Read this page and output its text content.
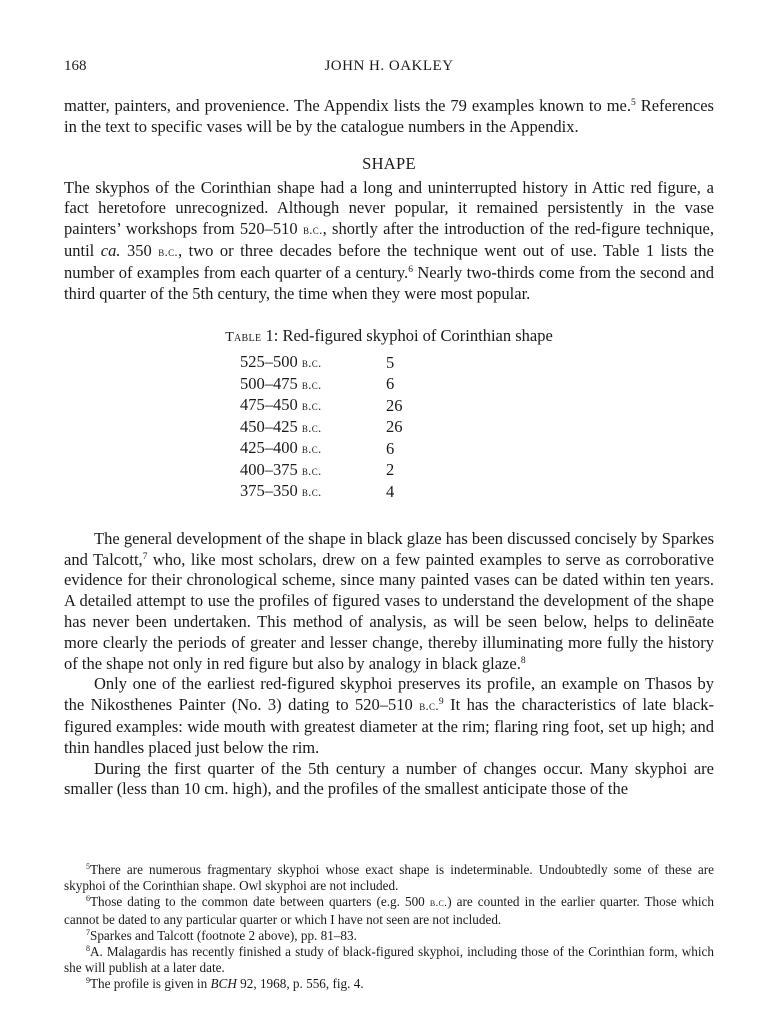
168	JOHN H. OAKLEY

matter, painters, and provenience. The Appendix lists the 79 examples known to me.$^5$ References in the text to specific vases will be by the catalogue numbers in the Appendix.

SHAPE

The skyphos of the Corinthian shape had a long and uninterrupted history in Attic red figure, a fact heretofore unrecognized. Although never popular, it remained persistently in the vase painters’ workshops from 520–510 b.c., shortly after the introduction of the red-figure technique, until ca. 350 b.c., two or three decades before the technique went out of use. Table 1 lists the number of examples from each quarter of a century.$^6$ Nearly two-thirds come from the second and third quarter of the 5th century, the time when they were most popular.

Table 1: Red-figured skyphoi of Corinthian shape
525–500 b.c.	5
500–475 b.c.	6
475–450 b.c.	26
450–425 b.c.	26
425–400 b.c.	6
400–375 b.c.	2
375–350 b.c.	4

The general development of the shape in black glaze has been discussed concisely by Sparkes and Talcott,$^7$ who, like most scholars, drew on a few painted examples to serve as corroborative evidence for their chronological scheme, since many painted vases can be dated within ten years. A detailed attempt to use the profiles of figured vases to understand the development of the shape has never been undertaken. This method of analysis, as will be seen below, helps to delinēate more clearly the periods of greater and lesser change, thereby illuminating more fully the history of the shape not only in red figure but also by analogy in black glaze.$^8$

Only one of the earliest red-figured skyphoi preserves its profile, an example on Thasos by the Nikosthenes Painter (No. 3) dating to 520–510 b.c.$^9$ It has the characteristics of late black-figured examples: wide mouth with greatest diameter at the rim; flaring ring foot, set up high; and thin handles placed just below the rim.

During the first quarter of the 5th century a number of changes occur. Many skyphoi are smaller (less than 10 cm. high), and the profiles of the smallest anticipate those of the

$^5$There are numerous fragmentary skyphoi whose exact shape is indeterminable. Undoubtedly some of these are skyphoi of the Corinthian shape. Owl skyphoi are not included.

$^6$Those dating to the common date between quarters (e.g. 500 b.c.) are counted in the earlier quarter. Those which cannot be dated to any particular quarter or which I have not seen are not included.

$^7$Sparkes and Talcott (footnote 2 above), pp. 81–83.

$^8$A. Malagardis has recently finished a study of black-figured skyphoi, including those of the Corinthian form, which she will publish at a later date.

$^9$The profile is given in BCH 92, 1968, p. 556, fig. 4.
